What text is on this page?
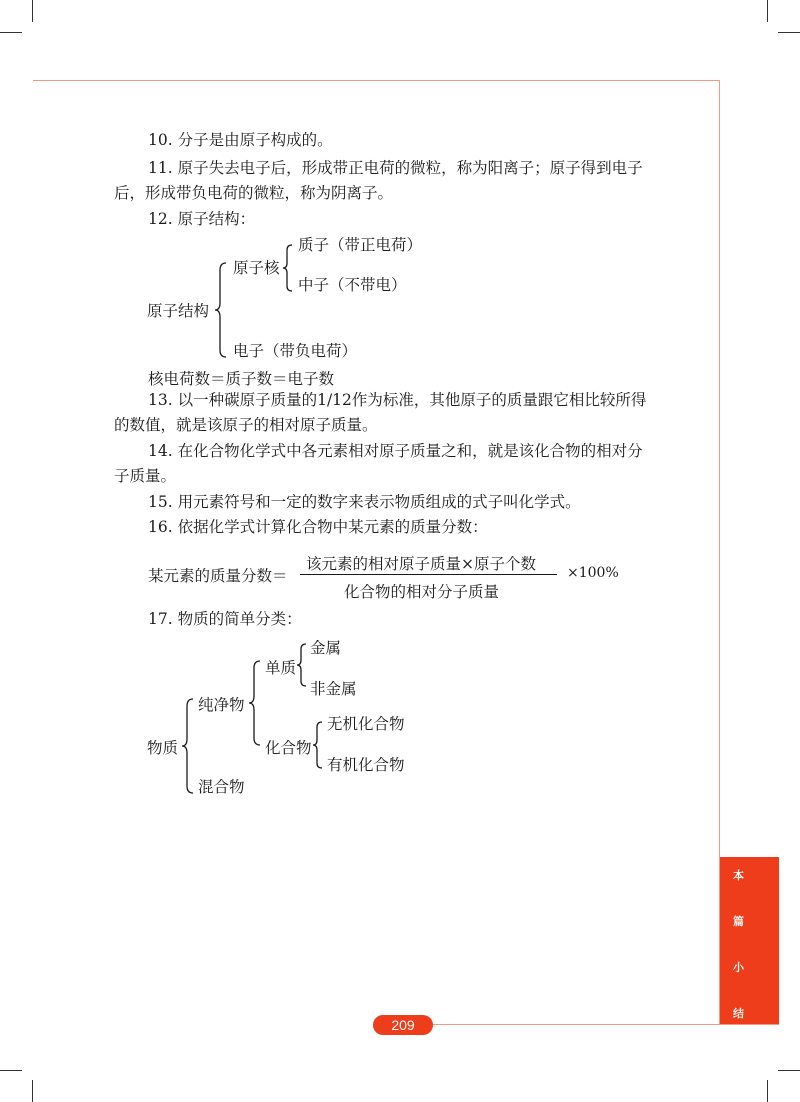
10. 分子是由原子构成的。

11. 原子失去电子后，形成带正电荷的微粒，称为阳离子；原子得到电子

后，形成带负电荷的微粒，称为阴离子。

12. 原子结构：

原子结构
原子核
质子（带正电荷）
中子（不带电）
电子（带负电荷）

核电荷数＝质子数＝电子数

13. 以一种碳原子质量的1/12作为标准，其他原子的质量跟它相比较所得

的数值，就是该原子的相对原子质量。

14. 在化合物化学式中各元素相对原子质量之和，就是该化合物的相对分

子质量。

15. 用元素符号和一定的数字来表示物质组成的式子叫化学式。

16. 依据化学式计算化合物中某元素的质量分数：

某元素的质量分数＝
该元素的相对原子质量×原子个数
化合物的相对分子质量
×100%

17. 物质的简单分类：

物质
纯净物
混合物
单质
化合物
金属
非金属
无机化合物
有机化合物
本
篇
小
结
209
